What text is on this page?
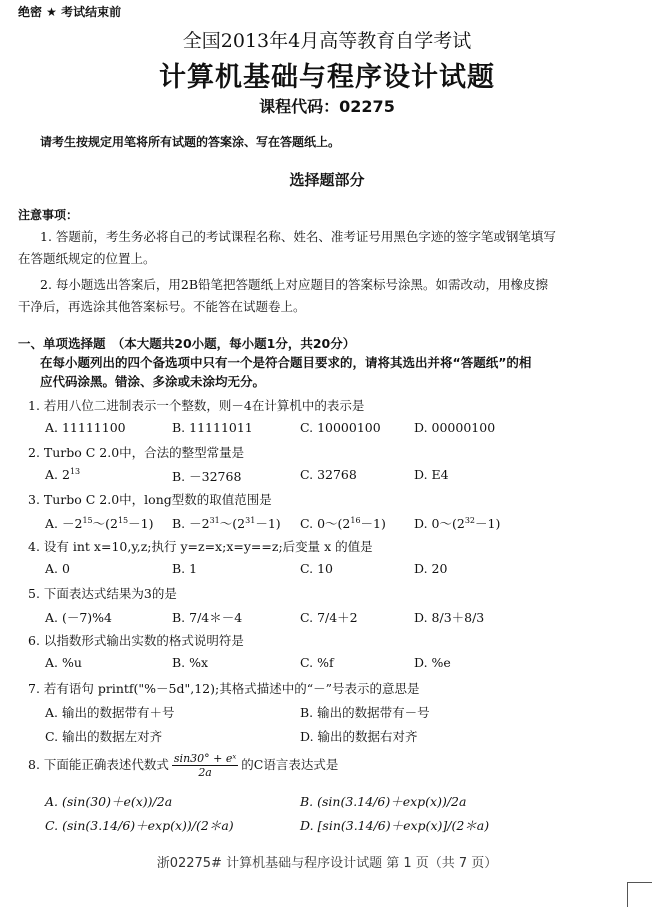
绝密 ★ 考试结束前
全国2013年4月高等教育自学考试
计算机基础与程序设计试题
课程代码：02275
请考生按规定用笔将所有试题的答案涂、写在答题纸上。
选择题部分
注意事项：
1. 答题前，考生务必将自己的考试课程名称、姓名、准考证号用黑色字迹的签字笔或钢笔填写
在答题纸规定的位置上。
2. 每小题选出答案后，用2B铅笔把答题纸上对应题目的答案标号涂黑。如需改动，用橡皮擦
干净后，再选涂其他答案标号。不能答在试题卷上。
一、单项选择题　（本大题共20小题，每小题1分，共20分）
在每小题列出的四个备选项中只有一个是符合题目要求的，请将其选出并将“答题纸”的相
应代码涂黑。错涂、多涂或未涂均无分。
1. 若用八位二进制表示一个整数，则－4在计算机中的表示是
A. 11111100	B. 11111011	C. 10000100	D. 00000100
2. Turbo C 2.0中，合法的整型常量是
A. $2^{13}$	B. －32768	C. 32768	D. E4
3. Turbo C 2.0中，long型数的取值范围是
A. $-2^{15}\sim(2^{15}-1)$ B. $-2^{31}\sim(2^{31}-1)$ C. $0\sim(2^{16}-1)$ D. $0\sim(2^{32}-1)$
4. 设有 int x=10,y,z;执行 y=z=x;x=y==z;后变量 x 的值是
A. 0	B. 1	C. 10	D. 20
5. 下面表达式结果为3的是
A. (－7)%4	B. 7/4＊－4	C. 7/4＋2	D. 8/3＋8/3
6. 以指数形式输出实数的格式说明符是
A. %u	B. %x	C. %f	D. %e
7. 若有语句 printf("%－5d",12);其格式描述中的“－”号表示的意思是
A. 输出的数据带有＋号	B. 输出的数据带有－号
C. 输出的数据左对齐	D. 输出的数据右对齐
8. 下面能正确表述代数式 $\frac{\text{sin30° + eˣ}}{2a}$ 的C语言表达式是
A. (sin(30)＋e(x))/2a	B. (sin(3.14/6)＋exp(x))/2a
C. (sin(3.14/6)＋exp(x))/(2＊a)	D. [sin(3.14/6)＋exp(x)]/(2＊a)
浙02275# 计算机基础与程序设计试题 第 1 页（共 7 页）
